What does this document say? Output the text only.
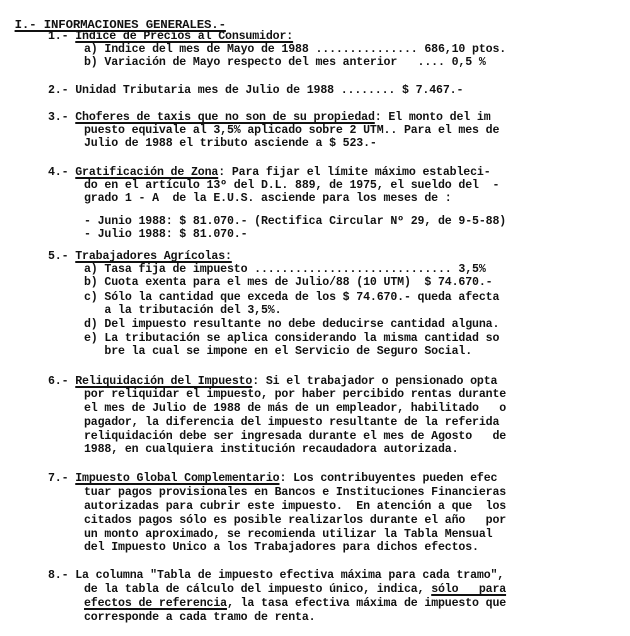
I.- INFORMACIONES GENERALES.-

1.- Indice de Precios al Consumidor:
a) Indice del mes de Mayo de 1988 ............... 686,10 ptos.
b) Variación de Mayo respecto del mes anterior   .... 0,5 %
2.- Unidad Tributaria mes de Julio de 1988 ........ $ 7.467.-
3.- Choferes de taxis que no son de su propiedad: El monto del im
puesto equivale al 3,5% aplicado sobre 2 UTM.. Para el mes de
Julio de 1988 el tributo asciende a $ 523.-
4.- Gratificación de Zona: Para fijar el límite máximo estableci-
do en el artículo 13º del D.L. 889, de 1975, el sueldo del  -
grado 1 - A  de la E.U.S. asciende para los meses de :
- Junio 1988: $ 81.070.- (Rectifica Circular Nº 29, de 9-5-88)
- Julio 1988: $ 81.070.-
5.- Trabajadores Agrícolas:
a) Tasa fija de impuesto ............................. 3,5%
b) Cuota exenta para el mes de Julio/88 (10 UTM)  $ 74.670.-
c) Sólo la cantidad que exceda de los $ 74.670.- queda afecta
a la tributación del 3,5%.
d) Del impuesto resultante no debe deducirse cantidad alguna.
e) La tributación se aplica considerando la misma cantidad so
bre la cual se impone en el Servicio de Seguro Social.
6.- Reliquidación del Impuesto: Si el trabajador o pensionado opta
por reliquidar el impuesto, por haber percibido rentas durante
el mes de Julio de 1988 de más de un empleador, habilitado   o
pagador, la diferencia del impuesto resultante de la referida
reliquidación debe ser ingresada durante el mes de Agosto   de
1988, en cualquiera institución recaudadora autorizada.
7.- Impuesto Global Complementario: Los contribuyentes pueden efec
tuar pagos provisionales en Bancos e Instituciones Financieras
autorizadas para cubrir este impuesto.  En atención a que  los
citados pagos sólo es posible realizarlos durante el año   por
un monto aproximado, se recomienda utilizar la Tabla Mensual
del Impuesto Unico a los Trabajadores para dichos efectos.
8.- La columna "Tabla de impuesto efectiva máxima para cada tramo",
de la tabla de cálculo del impuesto único, indica, sólo   para
efectos de referencia, la tasa efectiva máxima de impuesto que
corresponde a cada tramo de renta.
